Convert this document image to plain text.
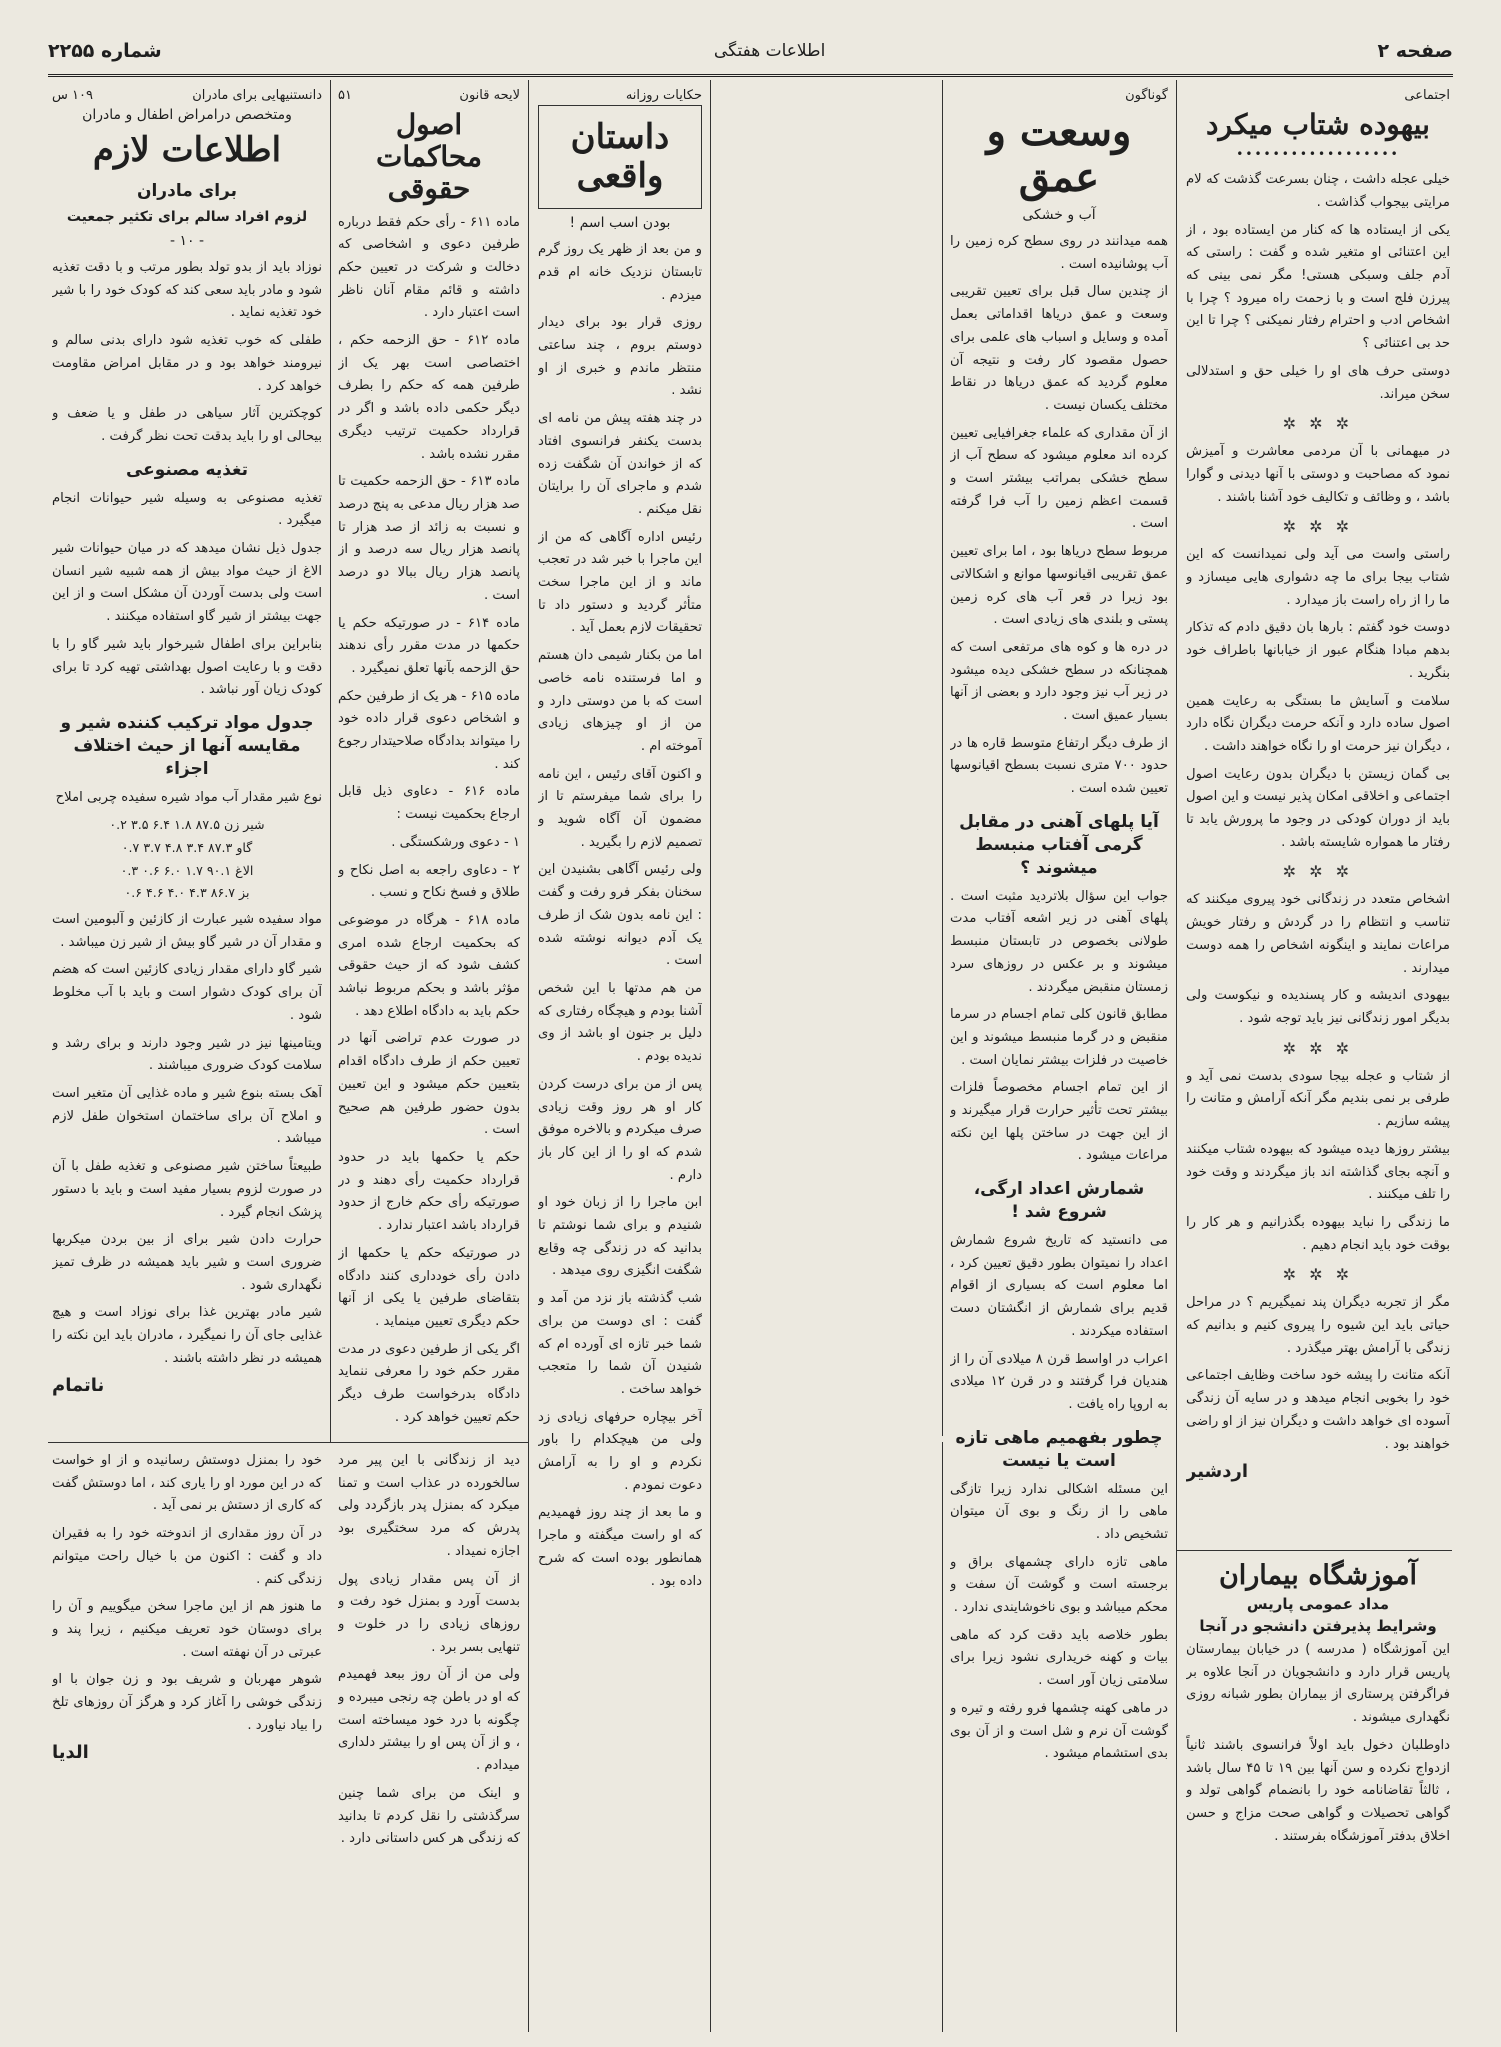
صفحه ۲
اطلاعات هفتگی
شماره ۲۲۵۵
اجتماعی
بیهوده شتاب میکرد
••••••••••••••••••

خیلی عجله داشت ، چنان بسرعت گذشت که لام مرایتی بیجواب گذاشت .

یکی از ایستاده ها که کنار من ایستاده بود ، از این اعتنائی او متغیر شده و گفت : راستی که آدم جلف وسبکی هستی! مگر نمی بینی که پیرزن فلج است و با زحمت راه میرود ؟ چرا با اشخاص ادب و احترام رفتار نمیکنی ؟ چرا تا این حد بی اعتنائی ؟

دوستی حرف های او را خیلی حق و استدلالی سخن میراند.

✲ ✲ ✲

در میهمانی با آن مردمی معاشرت و آمیزش نمود که مصاحبت و دوستی با آنها دیدنی و گوارا باشد ، و وظائف و تکالیف خود آشنا باشند .

✲ ✲ ✲

راستی واست می آید ولی نمیدانست که این شتاب بیجا برای ما چه دشواری هایی میسازد و ما را از راه راست باز میدارد .

دوست خود گفتم : بارها بان دقیق دادم که تذکار بدهم مبادا هنگام عبور از خیابانها باطراف خود بنگرید .

سلامت و آسایش ما بستگی به رعایت همین اصول ساده دارد و آنکه حرمت دیگران نگاه دارد ، دیگران نیز حرمت او را نگاه خواهند داشت .

بی گمان زیستن با دیگران بدون رعایت اصول اجتماعی و اخلاقی امکان پذیر نیست و این اصول باید از دوران کودکی در وجود ما پرورش یابد تا رفتار ما همواره شایسته باشد .

✲ ✲ ✲

اشخاص متعدد در زندگانی خود پیروی میکنند که تناسب و انتظام را در گردش و رفتار خویش مراعات نمایند و اینگونه اشخاص را همه دوست میدارند .

بیهودی اندیشه و کار پسندیده و نیکوست ولی بدیگر امور زندگانی نیز باید توجه شود .

✲ ✲ ✲

از شتاب و عجله بیجا سودی بدست نمی آید و طرفی بر نمی بندیم مگر آنکه آرامش و متانت را پیشه سازیم .

بیشتر روزها دیده میشود که بیهوده شتاب میکنند و آنچه بجای گذاشته اند باز میگردند و وقت خود را تلف میکنند .

ما زندگی را نباید بیهوده بگذرانیم و هر کار را بوقت خود باید انجام دهیم .

✲ ✲ ✲

مگر از تجربه دیگران پند نمیگیریم ؟ در مراحل حیاتی باید این شیوه را پیروی کنیم و بدانیم که زندگی با آرامش بهتر میگذرد .

آنکه متانت را پیشه خود ساخت وظایف اجتماعی خود را بخوبی انجام میدهد و در سایه آن زندگی آسوده ای خواهد داشت و دیگران نیز از او راضی خواهند بود .

اردشیر
آموزشگاه بیماران
مداد عمومی پاریس
وشرایط پذیرفتن دانشجو در آنجا

این آموزشگاه ( مدرسه ) در خیابان بیمارستان پاریس قرار دارد و دانشجویان در آنجا علاوه بر فراگرفتن پرستاری از بیماران بطور شبانه روزی نگهداری میشوند .

داوطلبان دخول باید اولاً فرانسوی باشند ثانیاً ازدواج نکرده و سن آنها بین ۱۹ تا ۴۵ سال باشد ، ثالثاً تقاضانامه خود را بانضمام گواهی تولد و گواهی تحصیلات و گواهی صحت مزاج و حسن اخلاق بدفتر آموزشگاه بفرستند .

گوناگون
وسعت و عمق
آب و خشکی

همه میدانند در روی سطح کره زمین را آب پوشانیده است .

از چندین سال قبل برای تعیین تقریبی وسعت و عمق دریاها اقداماتی بعمل آمده و وسایل و اسباب های علمی برای حصول مقصود کار رفت و نتیجه آن معلوم گردید که عمق دریاها در نقاط مختلف یکسان نیست .

از آن مقداری که علماء جغرافیایی تعیین کرده اند معلوم میشود که سطح آب از سطح خشکی بمراتب بیشتر است و قسمت اعظم زمین را آب فرا گرفته است .

مربوط سطح دریاها بود ، اما برای تعیین عمق تقریبی اقیانوسها موانع و اشکالاتی بود زیرا در قعر آب های کره زمین پستی و بلندی های زیادی است .

در دره ها و کوه های مرتفعی است که همچنانکه در سطح خشکی دیده میشود در زیر آب نیز وجود دارد و بعضی از آنها بسیار عمیق است .

از طرف دیگر ارتفاع متوسط قاره ها در حدود ۷۰۰ متری نسبت بسطح اقیانوسها تعیین شده است .

آیا پلهای آهنی در مقابل گرمی آفتاب منبسط میشوند ؟

جواب این سؤال بلاتردید مثبت است . پلهای آهنی در زیر اشعه آفتاب مدت طولانی بخصوص در تابستان منبسط میشوند و بر عکس در روزهای سرد زمستان منقبض میگردند .

مطابق قانون کلی تمام اجسام در سرما منقبض و در گرما منبسط میشوند و این خاصیت در فلزات بیشتر نمایان است .

از این تمام اجسام مخصوصاً فلزات بیشتر تحت تأثیر حرارت قرار میگیرند و از این جهت در ساختن پلها این نکته مراعات میشود .

شمارش اعداد ارگی، شروع شد !

می دانستید که تاریخ شروع شمارش اعداد را نمیتوان بطور دقیق تعیین کرد ، اما معلوم است که بسیاری از اقوام قدیم برای شمارش از انگشتان دست استفاده میکردند .

اعراب در اواسط قرن ۸ میلادی آن را از هندیان فرا گرفتند و در قرن ۱۲ میلادی به اروپا راه یافت .

چطور بفهمیم ماهی تازه است یا نیست

این مسئله اشکالی ندارد زیرا تازگی ماهی را از رنگ و بوی آن میتوان تشخیص داد .

ماهی تازه دارای چشمهای براق و برجسته است و گوشت آن سفت و محکم میباشد و بوی ناخوشایندی ندارد .

بطور خلاصه باید دقت کرد که ماهی بیات و کهنه خریداری نشود زیرا برای سلامتی زیان آور است .

در ماهی کهنه چشمها فرو رفته و تیره و گوشت آن نرم و شل است و از آن بوی بدی استشمام میشود .

حکایات روزانه
داستان واقعی
بودن اسب اسم !

و من بعد از ظهر یک روز گرم تابستان نزدیک خانه ام قدم میزدم .

روزی قرار بود برای دیدار دوستم بروم ، چند ساعتی منتظر ماندم و خبری از او نشد .

در چند هفته پیش من نامه ای بدست یکنفر فرانسوی افتاد که از خواندن آن شگفت زده شدم و ماجرای آن را برایتان نقل میکنم .

رئیس اداره آگاهی که من از این ماجرا با خبر شد در تعجب ماند و از این ماجرا سخت متأثر گردید و دستور داد تا تحقیقات لازم بعمل آید .

اما من بکنار شیمی دان هستم و اما فرستنده نامه خاصی است که با من دوستی دارد و من از او چیزهای زیادی آموخته ام .

و اکنون آقای رئیس ، این نامه را برای شما میفرستم تا از مضمون آن آگاه شوید و تصمیم لازم را بگیرید .

ولی رئیس آگاهی بشنیدن این سخنان بفکر فرو رفت و گفت : این نامه بدون شک از طرف یک آدم دیوانه نوشته شده است .

من هم مدتها با این شخص آشنا بودم و هیچگاه رفتاری که دلیل بر جنون او باشد از وی ندیده بودم .

پس از من برای درست کردن کار او هر روز وقت زیادی صرف میکردم و بالاخره موفق شدم که او را از این کار باز دارم .

ابن ماجرا را از زبان خود او شنیدم و برای شما نوشتم تا بدانید که در زندگی چه وقایع شگفت انگیزی روی میدهد .

شب گذشته باز نزد من آمد و گفت : ای دوست من برای شما خبر تازه ای آورده ام که شنیدن آن شما را متعجب خواهد ساخت .

آخر بیچاره حرفهای زیادی زد ولی من هیچکدام را باور نکردم و او را به آرامش دعوت نمودم .

و ما بعد از چند روز فهمیدیم که او راست میگفته و ماجرا همانطور بوده است که شرح داده بود .

لایحه قانون
۵۱
اصول محاکمات حقوقی

ماده ۶۱۱ - رأی حکم فقط درباره طرفین دعوی و اشخاصی که دخالت و شرکت در تعیین حکم داشته و قائم مقام آنان ناظر است اعتبار دارد .

ماده ۶۱۲ - حق الزحمه حکم ، اختصاصی است بهر یک از طرفین همه که حکم را بطرف دیگر حکمی داده باشد و اگر در قرارداد حکمیت ترتیب دیگری مقرر نشده باشد .

ماده ۶۱۳ - حق الزحمه حکمیت تا صد هزار ریال مدعی به پنج درصد و نسبت به زائد از صد هزار تا پانصد هزار ریال سه درصد و از پانصد هزار ریال ببالا دو درصد است .

ماده ۶۱۴ - در صورتیکه حکم یا حکمها در مدت مقرر رأی ندهند حق الزحمه بآنها تعلق نمیگیرد .

ماده ۶۱۵ - هر یک از طرفین حکم و اشخاص دعوی قرار داده خود را میتواند بدادگاه صلاحیتدار رجوع کند .

ماده ۶۱۶ - دعاوی ذیل قابل ارجاع بحکمیت نیست :

۱ - دعوی ورشکستگی .

۲ - دعاوی راجعه به اصل نکاح و طلاق و فسخ نکاح و نسب .

ماده ۶۱۸ - هرگاه در موضوعی که بحکمیت ارجاع شده امری کشف شود که از حیث حقوقی مؤثر باشد و بحکم مربوط نباشد حکم باید به دادگاه اطلاع دهد .

در صورت عدم تراضی آنها در تعیین حکم از طرف دادگاه اقدام بتعیین حکم میشود و این تعیین بدون حضور طرفین هم صحیح است .

حکم یا حکمها باید در حدود قرارداد حکمیت رأی دهند و در صورتیکه رأی حکم خارج از حدود قرارداد باشد اعتبار ندارد .

در صورتیکه حکم یا حکمها از دادن رأی خودداری کنند دادگاه بتقاضای طرفین یا یکی از آنها حکم دیگری تعیین مینماید .

اگر یکی از طرفین دعوی در مدت مقرر حکم خود را معرفی ننماید دادگاه بدرخواست طرف دیگر حکم تعیین خواهد کرد .

دانستنیهایی برای مادران
۱۰۹ س
ومتخصص درامراض اطفال و مادران
اطلاعات لازم
برای مادران
لزوم افراد سالم برای تکثیر جمعیت
- ۱۰ -

نوزاد باید از بدو تولد بطور مرتب و با دقت تغذیه شود و مادر باید سعی کند که کودک خود را با شیر خود تغذیه نماید .

طفلی که خوب تغذیه شود دارای بدنی سالم و نیرومند خواهد بود و در مقابل امراض مقاومت خواهد کرد .

کوچکترین آثار سیاهی در طفل و یا ضعف و بیحالی او را باید بدقت تحت نظر گرفت .

تغذیه مصنوعی

تغذیه مصنوعی به وسیله شیر حیوانات انجام میگیرد .

جدول ذیل نشان میدهد که در میان حیوانات شیر الاغ از حیث مواد بیش از همه شبیه شیر انسان است ولی بدست آوردن آن مشکل است و از این جهت بیشتر از شیر گاو استفاده میکنند .

بنابراین برای اطفال شیرخوار باید شیر گاو را با دقت و با رعایت اصول بهداشتی تهیه کرد تا برای کودک زیان آور نباشد .

جدول مواد ترکیب کننده شیر و مقایسه آنها از حیث اختلاف اجزاء

نوع شیر مقدار آب مواد شیره سفیده چربی املاح

شیر زن ۸۷.۵ ۱.۸ ۶.۴ ۳.۵ ۰.۲
گاو ۸۷.۳ ۳.۴ ۴.۸ ۳.۷ ۰.۷
الاغ ۹۰.۱ ۱.۷ ۶.۰ ۰.۶ ۰.۳
بز ۸۶.۷ ۴.۳ ۴.۰ ۴.۶ ۰.۶

مواد سفیده شیر عبارت از کازئین و آلبومین است و مقدار آن در شیر گاو بیش از شیر زن میباشد .

شیر گاو دارای مقدار زیادی کازئین است که هضم آن برای کودک دشوار است و باید با آب مخلوط شود .

ویتامینها نیز در شیر وجود دارند و برای رشد و سلامت کودک ضروری میباشند .

آهک بسته بنوع شیر و ماده غذایی آن متغیر است و املاح آن برای ساختمان استخوان طفل لازم میباشد .

طبیعتاً ساختن شیر مصنوعی و تغذیه طفل با آن در صورت لزوم بسیار مفید است و باید با دستور پزشک انجام گیرد .

حرارت دادن شیر برای از بین بردن میکربها ضروری است و شیر باید همیشه در ظرف تمیز نگهداری شود .

شیر مادر بهترین غذا برای نوزاد است و هیچ غذایی جای آن را نمیگیرد ، مادران باید این نکته را همیشه در نظر داشته باشند .

ناتمام

دید از زندگانی با این پیر مرد سالخورده در عذاب است و تمنا میکرد که بمنزل پدر بازگردد ولی پدرش که مرد سختگیری بود اجازه نمیداد .

از آن پس مقدار زیادی پول بدست آورد و بمنزل خود رفت و روزهای زیادی را در خلوت و تنهایی بسر برد .

ولی من از آن روز ببعد فهمیدم که او در باطن چه رنجی میبرده و چگونه با درد خود میساخته است ، و از آن پس او را بیشتر دلداری میدادم .

و اینک من برای شما چنین سرگذشتی را نقل کردم تا بدانید که زندگی هر کس داستانی دارد .

خود را بمنزل دوستش رسانیده و از او خواست که در این مورد او را یاری کند ، اما دوستش گفت که کاری از دستش بر نمی آید .

در آن روز مقداری از اندوخته خود را به فقیران داد و گفت : اکنون من با خیال راحت میتوانم زندگی کنم .

ما هنوز هم از این ماجرا سخن میگوییم و آن را برای دوستان خود تعریف میکنیم ، زیرا پند و عبرتی در آن نهفته است .

شوهر مهربان و شریف بود و زن جوان با او زندگی خوشی را آغاز کرد و هرگز آن روزهای تلخ را بیاد نیاورد .

الدیا
